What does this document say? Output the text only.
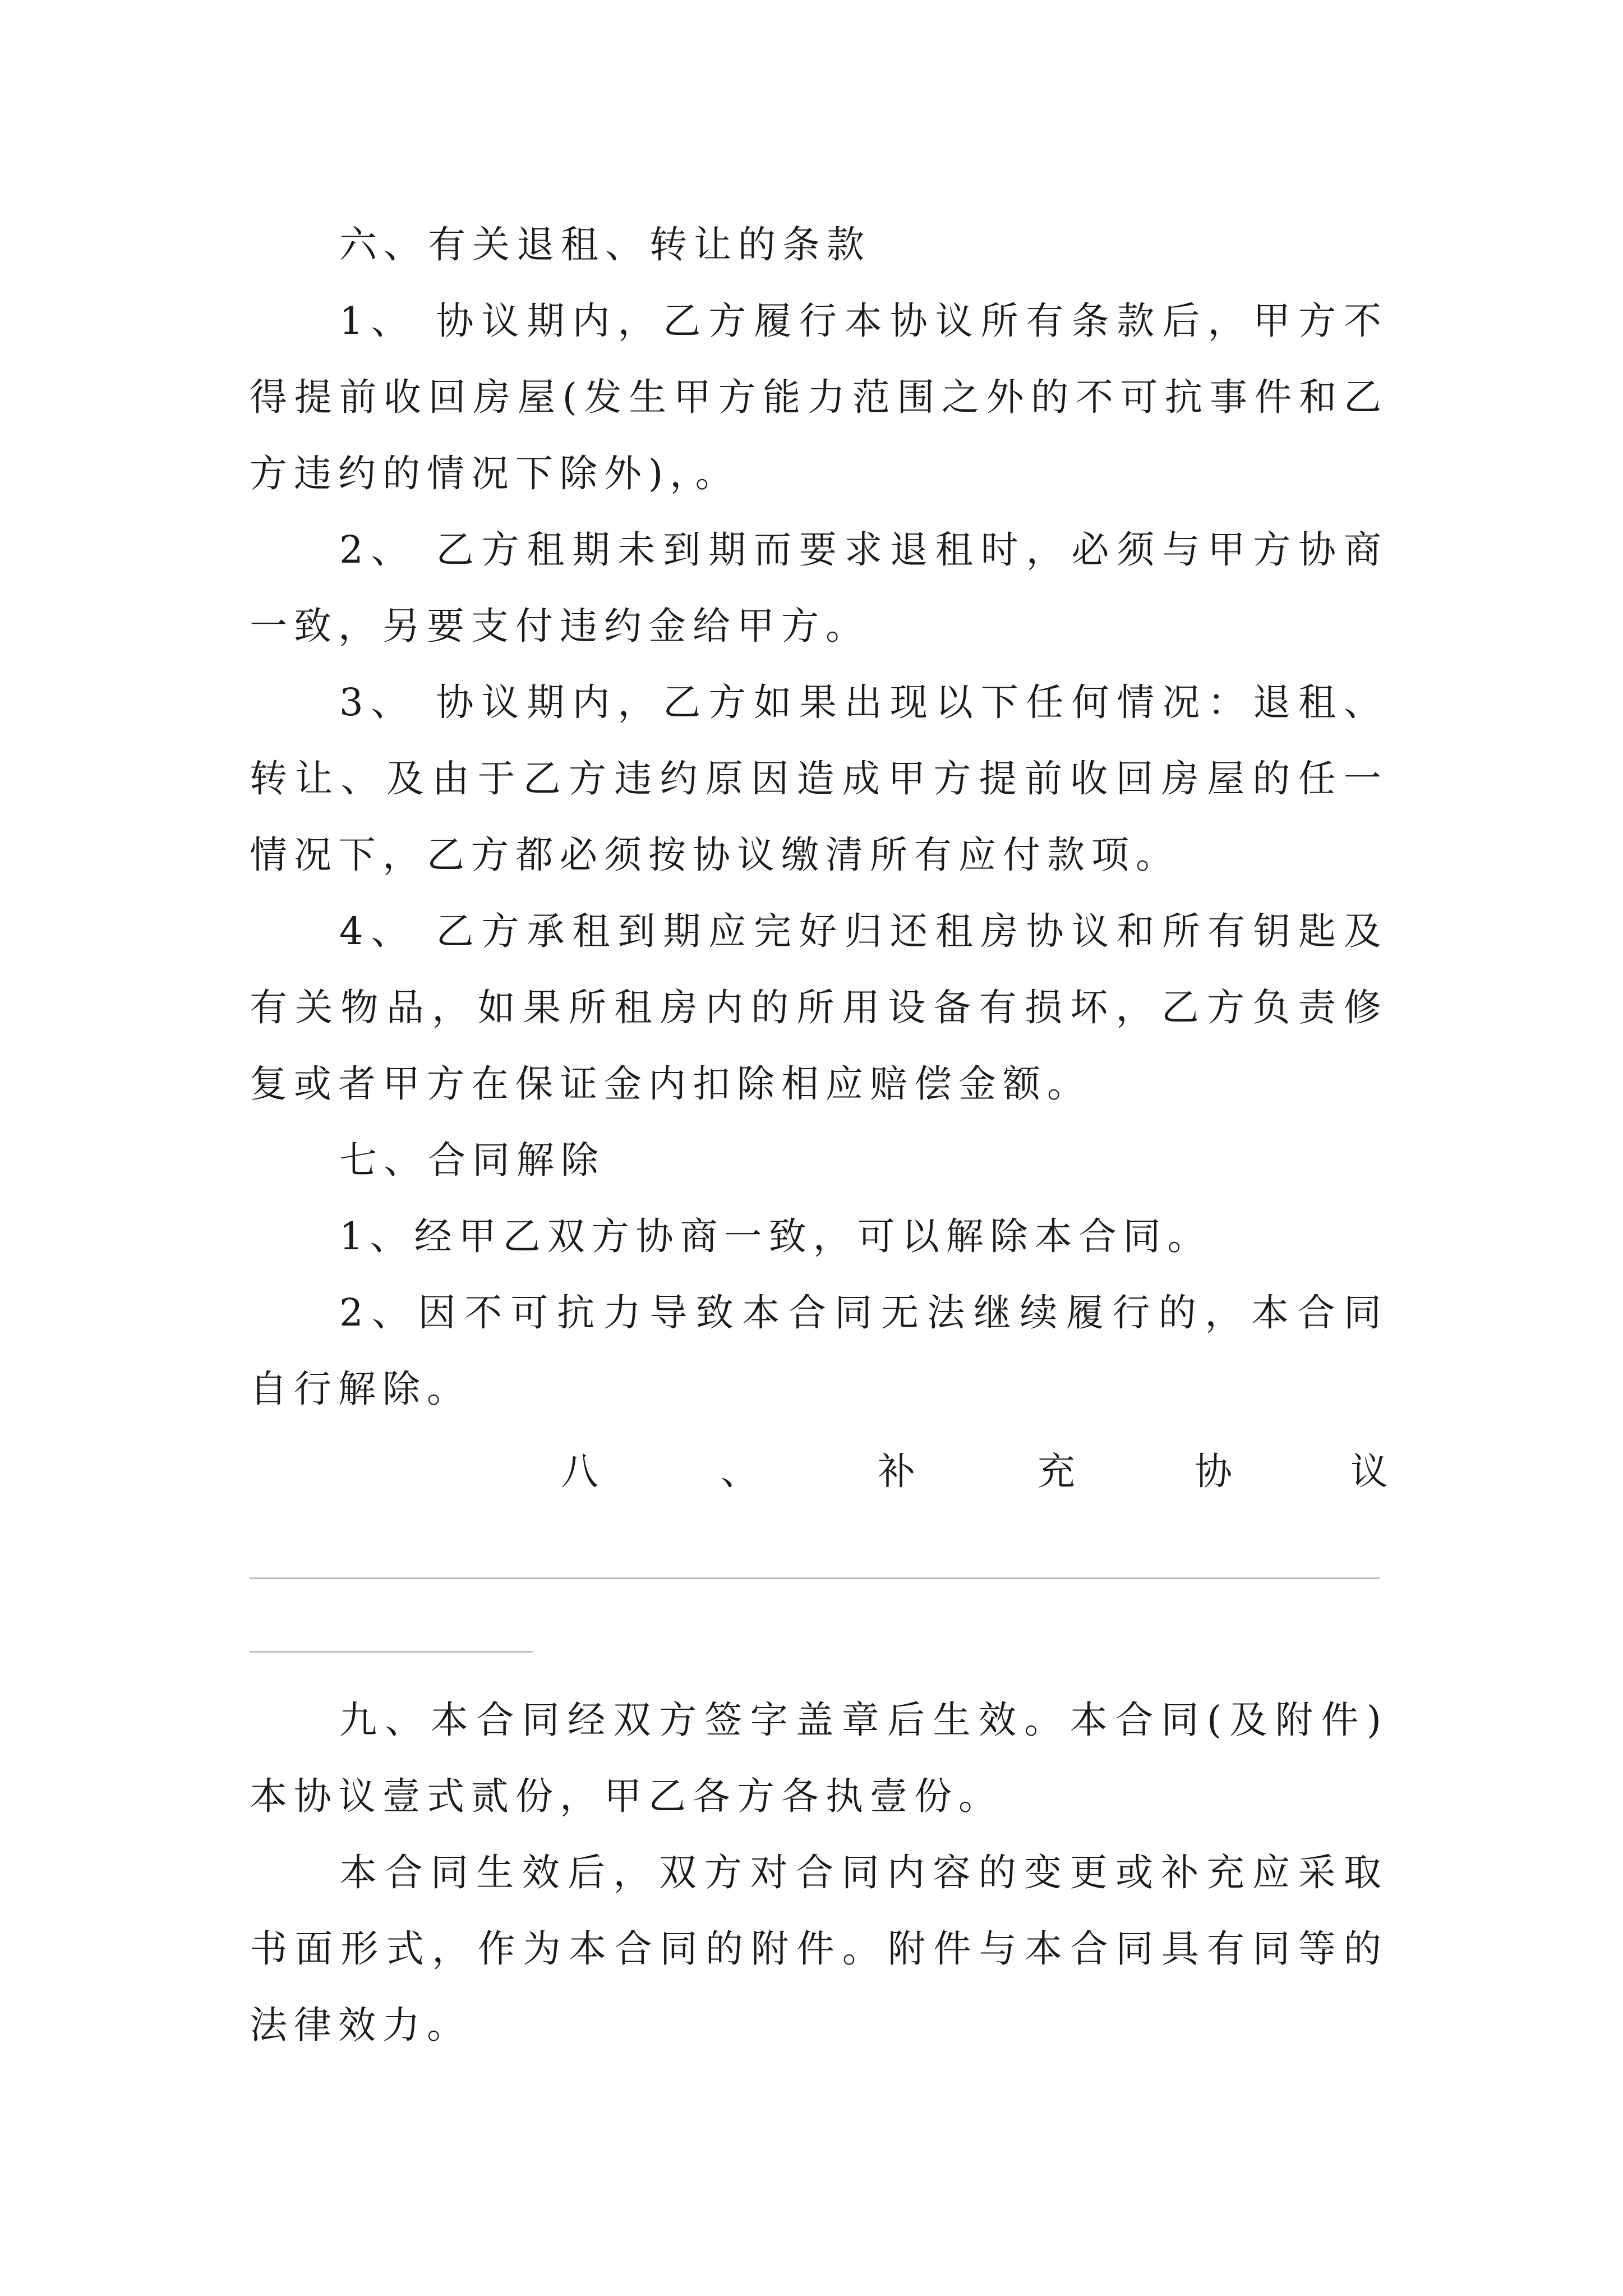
六、有关退租、转让的条款

1、 协议期内，乙方履行本协议所有条款后，甲方不得提前收回房屋(发生甲方能力范围之外的不可抗事件和乙方违约的情况下除外)，。

2、 乙方租期未到期而要求退租时，必须与甲方协商一致，另要支付违约金给甲方。

3、 协议期内，乙方如果出现以下任何情况：退租、转让、及由于乙方违约原因造成甲方提前收回房屋的任一情况下，乙方都必须按协议缴清所有应付款项。

4、 乙方承租到期应完好归还租房协议和所有钥匙及有关物品，如果所租房内的所用设备有损坏，乙方负责修复或者甲方在保证金内扣除相应赔偿金额。

七、合同解除

1、经甲乙双方协商一致，可以解除本合同。

2、因不可抗力导致本合同无法继续履行的，本合同自行解除。

八	、	补	充	协	议

九、本合同经双方签字盖章后生效。本合同(及附件)本协议壹式贰份，甲乙各方各执壹份。

本合同生效后，双方对合同内容的变更或补充应采取书面形式，作为本合同的附件。附件与本合同具有同等的法律效力。
